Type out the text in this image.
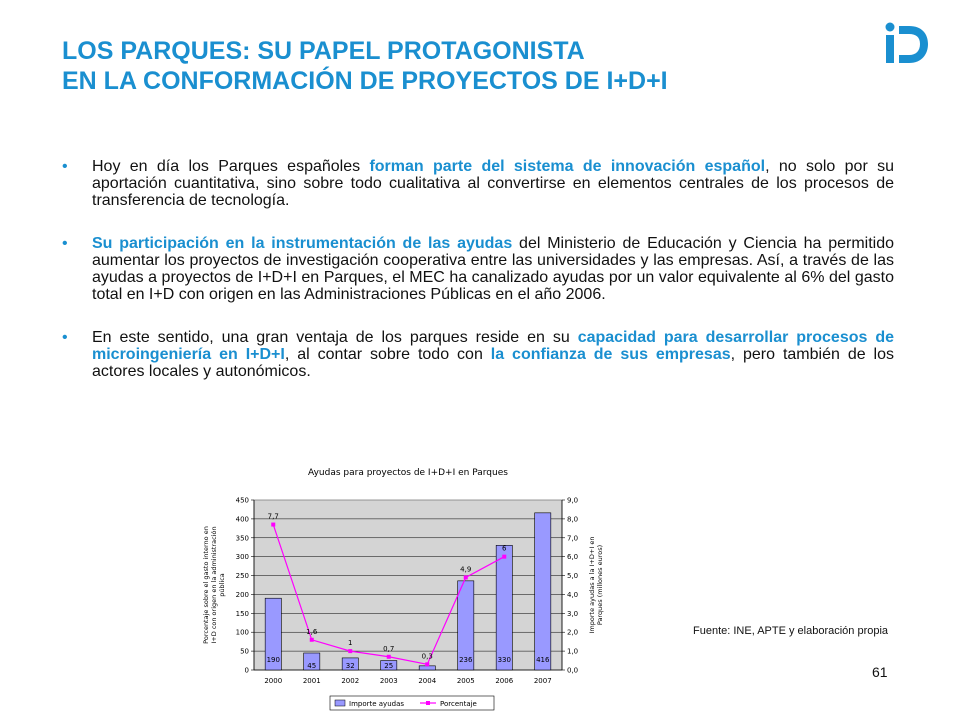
LOS PARQUES: SU PAPEL PROTAGONISTA
EN LA CONFORMACIÓN DE PROYECTOS DE I+D+I
• Hoy en día los Parques españoles forman parte del sistema de innovación español, no solo por su aportación cuantitativa, sino sobre todo cualitativa al convertirse en elementos centrales de los procesos de transferencia de tecnología.
• Su participación en la instrumentación de las ayudas del Ministerio de Educación y Ciencia ha permitido aumentar los proyectos de investigación cooperativa entre las universidades y las empresas. Así, a través de las ayudas a proyectos de I+D+I en Parques, el MEC ha canalizado ayudas por un valor equivalente al 6% del gasto total en I+D con origen en las Administraciones Públicas en el año 2006.
• En este sentido, una gran ventaja de los parques reside en su capacidad para desarrollar procesos de microingeniería en I+D+I, al contar sobre todo con la confianza de sus empresas, pero también de los actores locales y autonómicos.
Ayudas para proyectos de I+D+I en Parques
0
50
100
150
200
250
300
350
400
450
0,0
1,0
2,0
3,0
4,0
5,0
6,0
7,0
8,0
9,0
190
45	32	25
236	330	416
2000	2001	2002	2003	2004	2005	2006	2007
7,7
1,6
1
0,7
0,3
4,9
6
Porcentaje sobre el gasto interno en I+D con origen en la administración pública	Importe ayudas a la I+D+I en Parques (millones euros)
Importe ayudas	Porcentaje
Fuente: INE, APTE y elaboración propia
61
